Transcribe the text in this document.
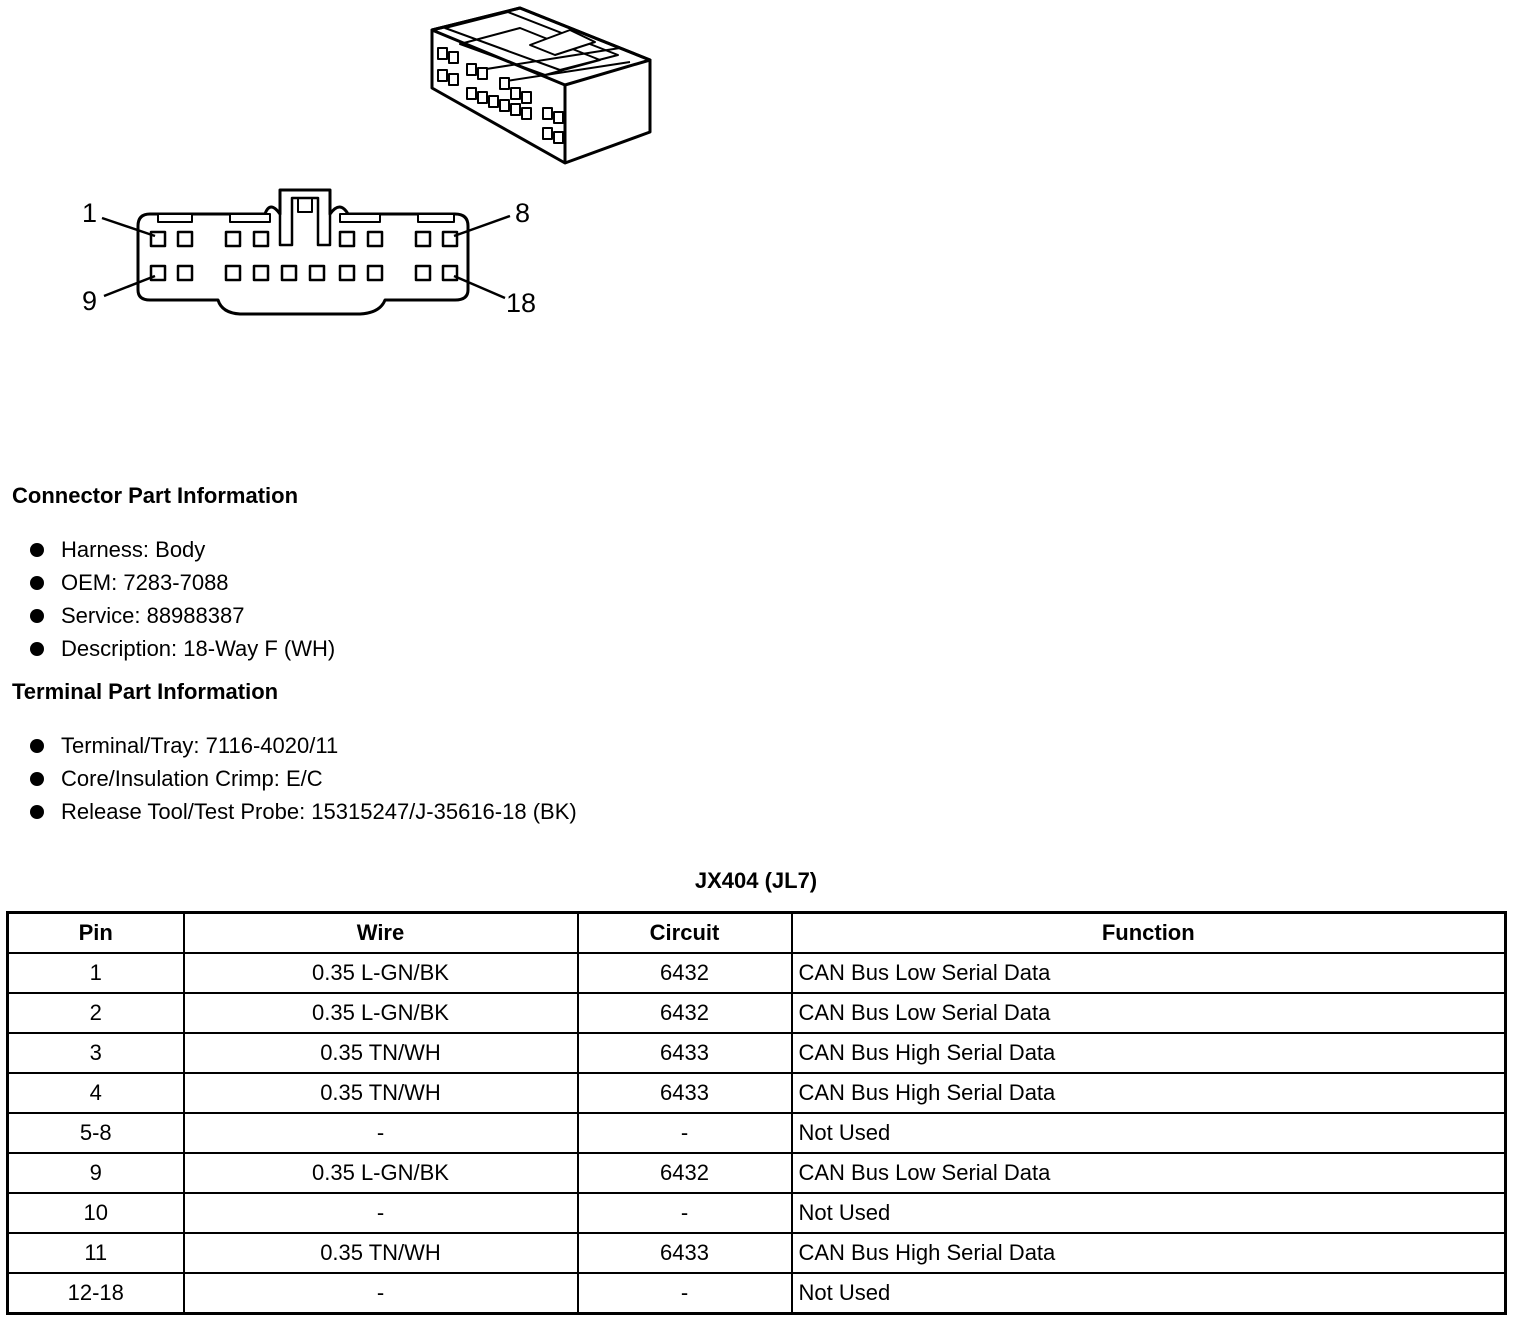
1	8
9	18
Connector Part Information
Harness: Body
OEM: 7283-7088
Service: 88988387
Description: 18-Way F (WH)
Terminal Part Information
Terminal/Tray: 7116-4020/11
Core/Insulation Crimp: E/C
Release Tool/Test Probe: 15315247/J-35616-18 (BK)
JX404 (JL7)
Pin	Wire	Circuit	Function
1	0.35 L-GN/BK	6432	CAN Bus Low Serial Data
2	0.35 L-GN/BK	6432	CAN Bus Low Serial Data
3	0.35 TN/WH	6433	CAN Bus High Serial Data
4	0.35 TN/WH	6433	CAN Bus High Serial Data
5-8	-	-	Not Used
9	0.35 L-GN/BK	6432	CAN Bus Low Serial Data
10	-	-	Not Used
11	0.35 TN/WH	6433	CAN Bus High Serial Data
12-18	-	-	Not Used
